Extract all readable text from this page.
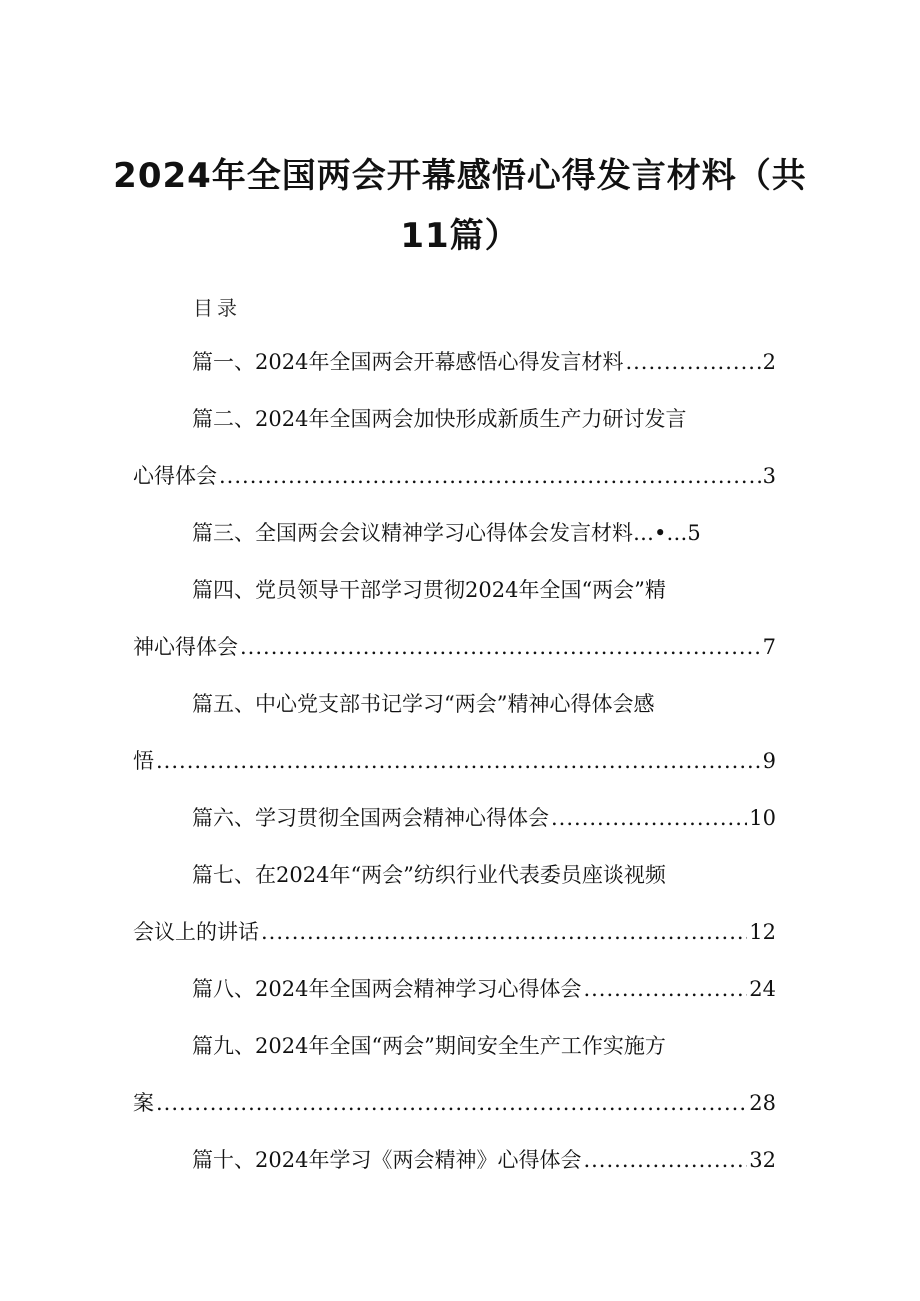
2024年全国两会开幕感悟心得发言材料（共
11篇）
目录
篇一、2024年全国两会开幕感悟心得发言材料 .....	2
篇二、2024年全国两会加快形成新质生产力研讨发言
心得体会 .....	3
篇三、全国两会会议精神学习心得体会发言材料…•… 5
篇四、党员领导干部学习贯彻2024年全国“两会”精
神心得体会 .....	7
篇五、中心党支部书记学习“两会”精神心得体会感
悟 .....	9
篇六、学习贯彻全国两会精神心得体会 .....	10
篇七、在2024年“两会”纺织行业代表委员座谈视频
会议上的讲话 .....	12
篇八、2024年全国两会精神学习心得体会 .....	24
篇九、2024年全国“两会”期间安全生产工作实施方
案 .....	28
篇十、2024年学习《两会精神》心得体会 .....	32
